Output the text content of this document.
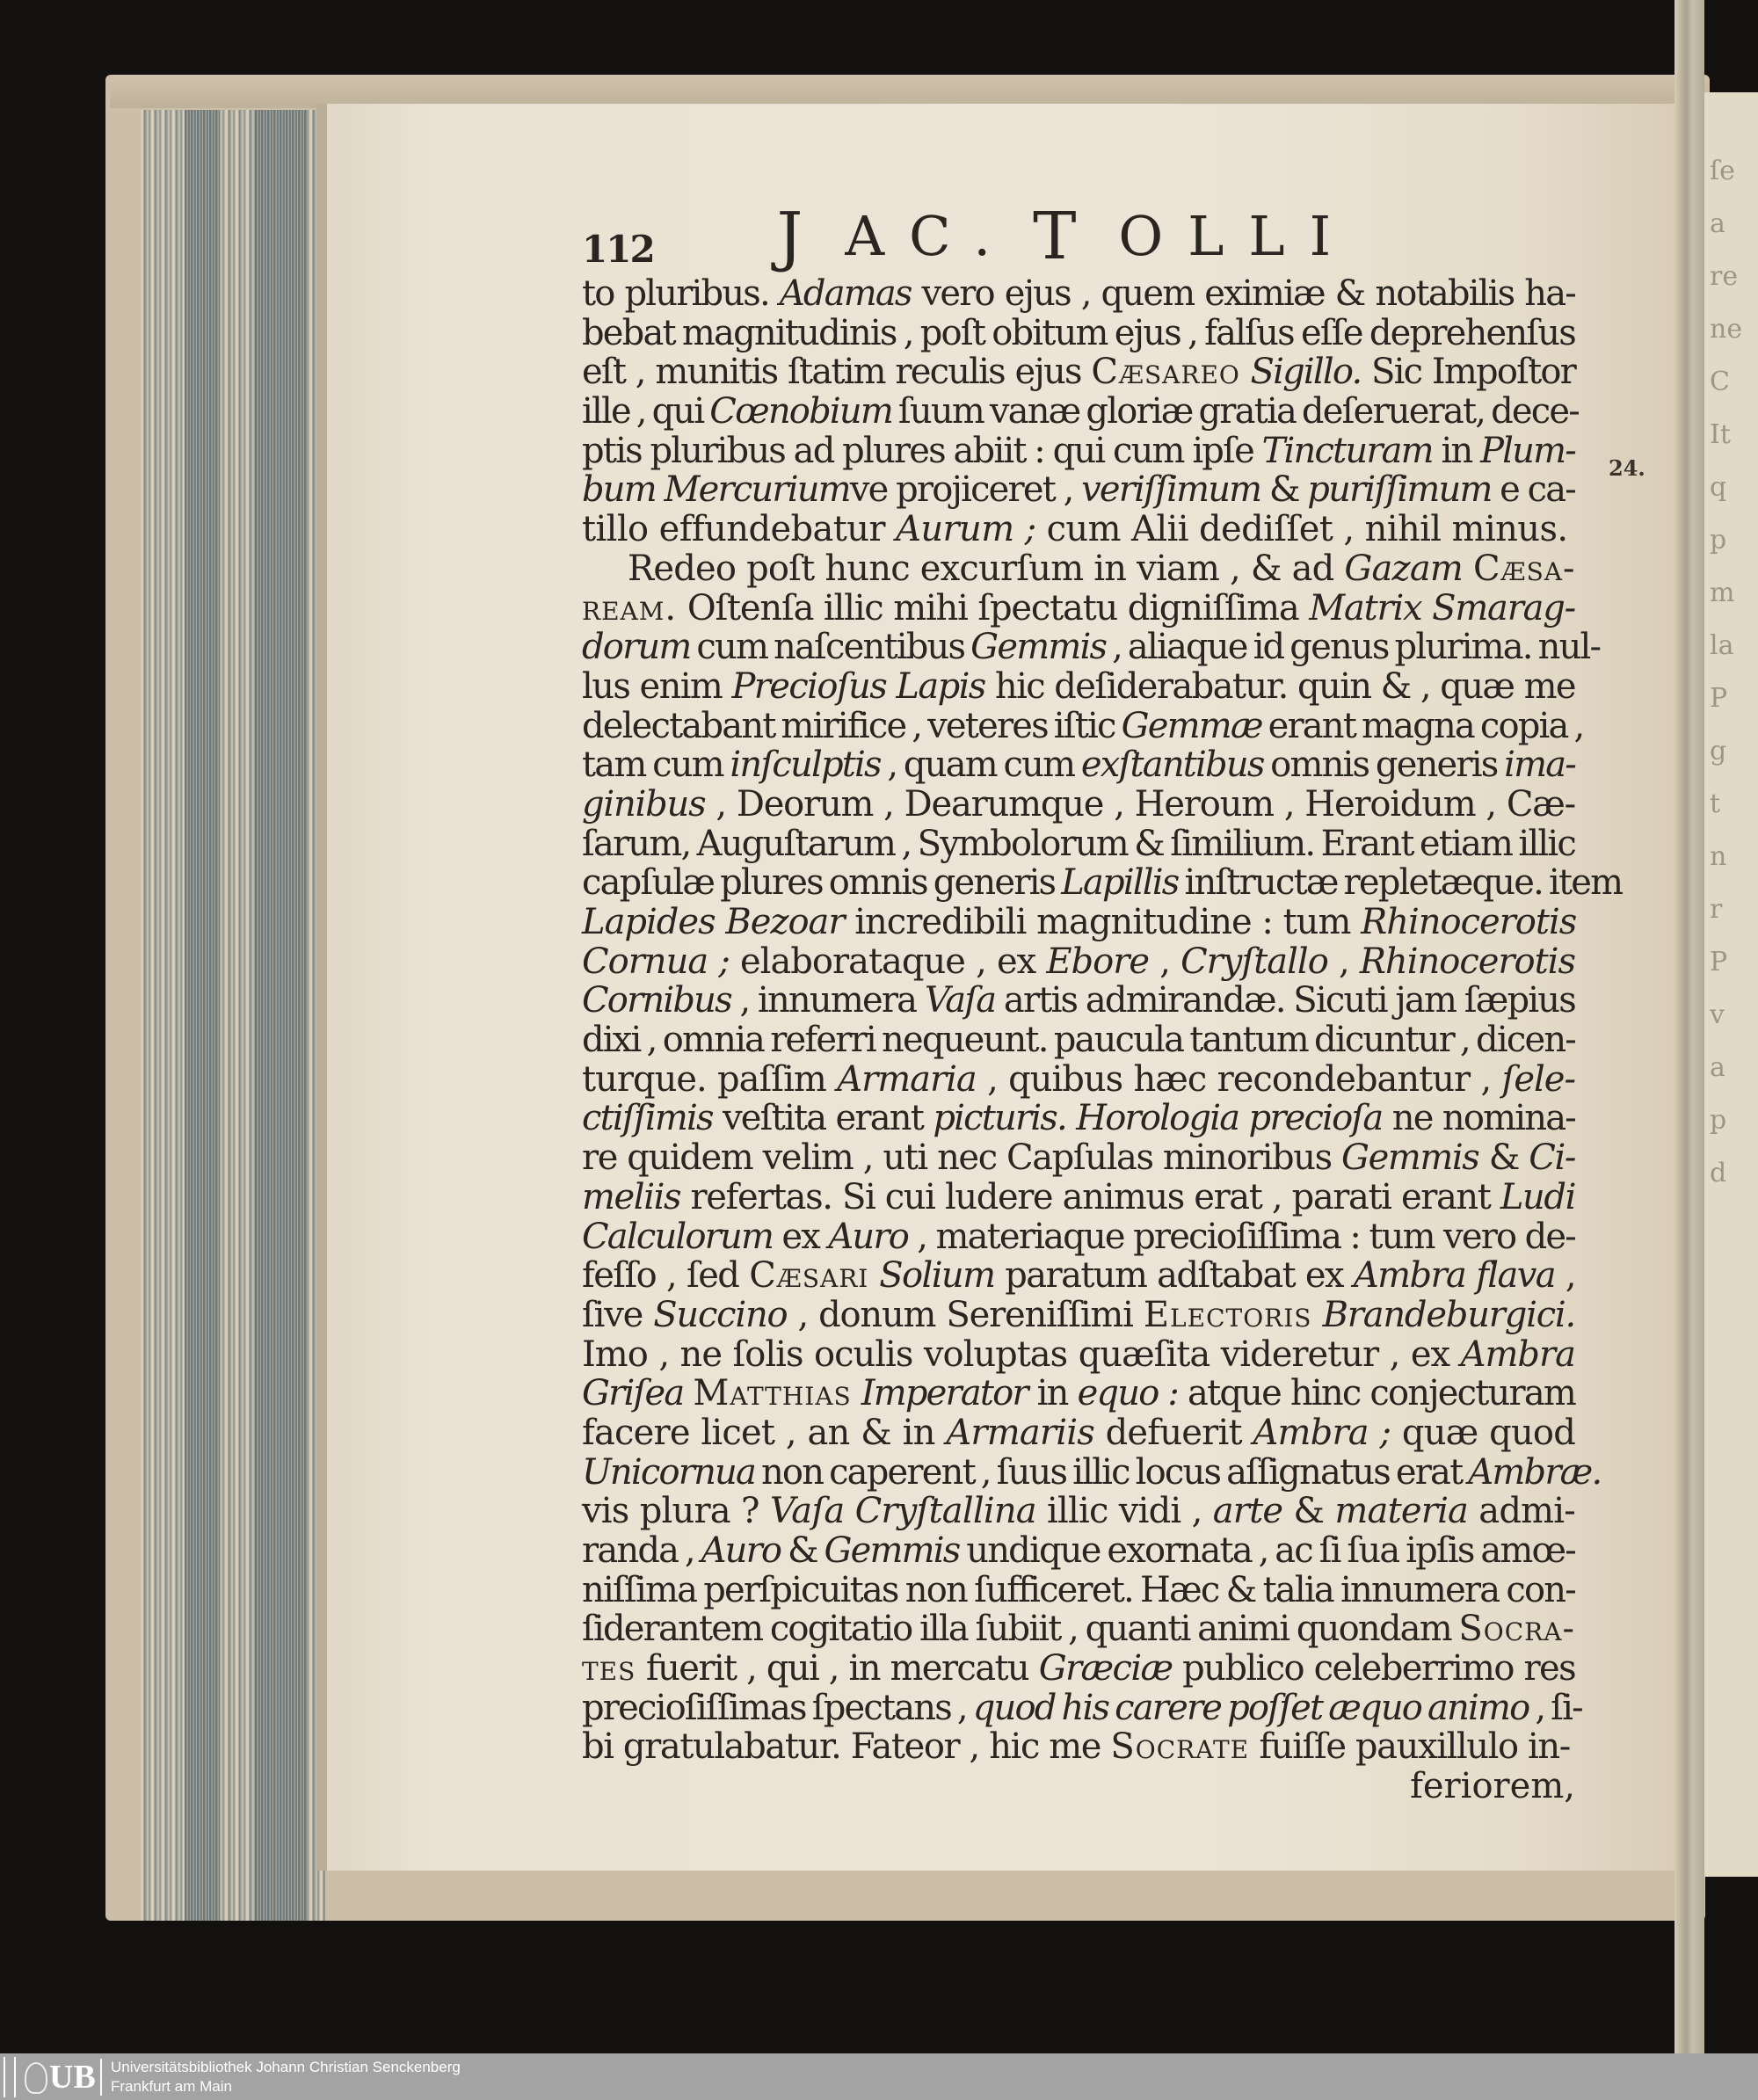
ſe
a
re
ne
C
It
q
p
m
la
P
g
t
n
r
P
v
a
p
d
112 J AC. T OLLI
to pluribus. Adamas vero ejus , quem eximiæ & notabilis ha-
bebat magnitudinis , poſt obitum ejus , falſus eſſe deprehenſus
eſt , munitis ſtatim reculis ejus Cæsareo Sigillo. Sic Impoſtor
ille , qui Cœnobium ſuum vanæ gloriæ gratia deſeruerat, dece-
ptis pluribus ad plures abiit : qui cum ipſe Tincturam in Plum-
bum Mercuriumve projiceret , veriſſimum & puriſſimum e ca-
tillo effundebatur Aurum ; cum Alii dediſſet , nihil minus.
Redeo poſt hunc excurſum in viam , & ad Gazam Cæsa-
ream. Oſtenſa illic mihi ſpectatu digniſſima Matrix Smarag-
dorum cum naſcentibus Gemmis , aliaque id genus plurima. nul-
lus enim Precioſus Lapis hic deſiderabatur. quin & , quæ me
delectabant mirifice , veteres iſtic Gemmæ erant magna copia ,
tam cum inſculptis , quam cum exſtantibus omnis generis ima-
ginibus , Deorum , Dearumque , Heroum , Heroidum , Cæ-
ſarum, Auguſtarum , Symbolorum & ſimilium. Erant etiam illic
capſulæ plures omnis generis Lapillis inſtructæ repletæque. item
Lapides Bezoar incredibili magnitudine : tum Rhinocerotis
Cornua ; elaborataque , ex Ebore , Cryſtallo , Rhinocerotis
Cornibus , innumera Vaſa artis admirandæ. Sicuti jam ſæpius
dixi , omnia referri nequeunt. paucula tantum dicuntur , dicen-
turque. paſſim Armaria , quibus hæc recondebantur , ſele-
ctiſſimis veſtita erant picturis. Horologia precioſa ne nomina-
re quidem velim , uti nec Capſulas minoribus Gemmis & Ci-
meliis refertas. Si cui ludere animus erat , parati erant Ludi
Calculorum ex Auro , materiaque precioſiſſima : tum vero de-
feſſo , ſed Cæsari Solium paratum adſtabat ex Ambra flava ,
ſive Succino , donum Sereniſſimi Electoris Brandeburgici.
Imo , ne ſolis oculis voluptas quæſita videretur , ex Ambra
Griſea Matthias Imperator in equo : atque hinc conjecturam
facere licet , an & in Armariis defuerit Ambra ; quæ quod
Unicornua non caperent , ſuus illic locus aſſignatus erat Ambræ.
vis plura ? Vaſa Cryſtallina illic vidi , arte & materia admi-
randa , Auro & Gemmis undique exornata , ac ſi ſua ipſis amœ-
niſſima perſpicuitas non ſufficeret. Hæc & talia innumera con-
ſiderantem cogitatio illa ſubiit , quanti animi quondam Socra-
tes fuerit , qui , in mercatu Græciæ publico celeberrimo res
precioſiſſimas ſpectans , quod his carere poſſet æquo animo , ſi-
bi gratulabatur. Fateor , hic me Socrate fuiſſe pauxillulo in-
feriorem,
24.
UB Universitätsbibliothek Johann Christian Senckenberg
Frankfurt am Main
